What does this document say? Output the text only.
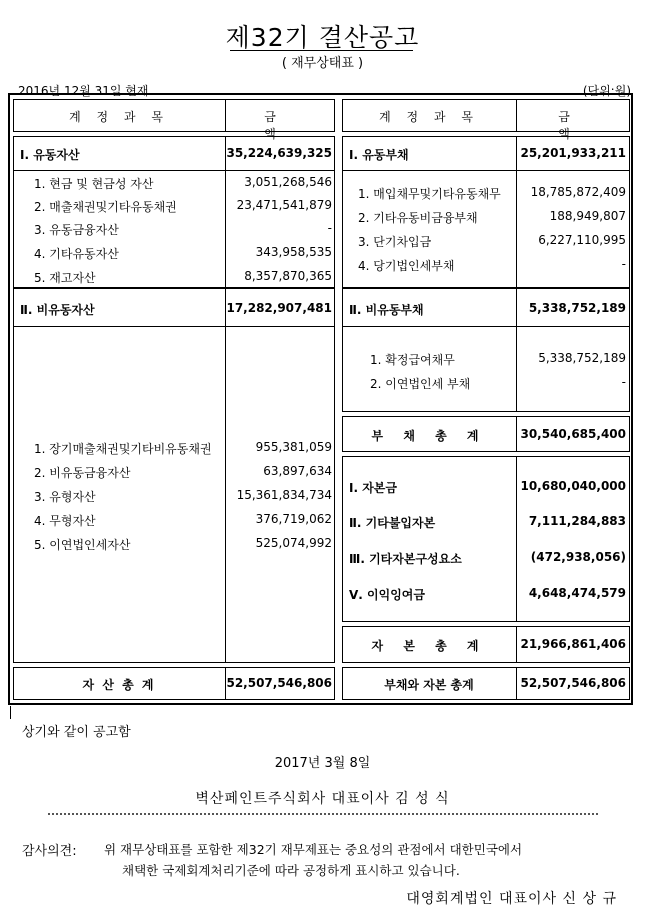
제32기 결산공고
( 재무상태표 )
2016년 12월 31일 현재	(단위:원)
계 정 과 목	금 액
Ⅰ. 유동자산	35,224,639,325
1. 현금 및 현금성 자산	3,051,268,546
2. 매출채권및기타유동채권	23,471,541,879
3. 유동금융자산	-
4. 기타유동자산	343,958,535
5. 재고자산	8,357,870,365
Ⅱ. 비유동자산	17,282,907,481
1. 장기매출채권및기타비유동채권	955,381,059
2. 비유동금융자산	63,897,634
3. 유형자산	15,361,834,734
4. 무형자산	376,719,062
5. 이연법인세자산	525,074,992
자 산 총 계	52,507,546,806
계 정 과 목	금 액
Ⅰ. 유동부채	25,201,933,211
1. 매입채무및기타유동채무	18,785,872,409
2. 기타유동비금융부채	188,949,807
3. 단기차입금	6,227,110,995
4. 당기법인세부채	-
Ⅱ. 비유동부채	5,338,752,189
1. 확정급여채무	5,338,752,189
2. 이연법인세 부채	-
부 채 총 계	30,540,685,400
Ⅰ. 자본금	10,680,040,000
Ⅱ. 기타불입자본	7,111,284,883
Ⅲ. 기타자본구성요소	(472,938,056)
Ⅴ. 이익잉여금	4,648,474,579
자 본 총 계	21,966,861,406
부채와 자본 총계	52,507,546,806
상기와 같이 공고함
2017년 3월 8일
벽산페인트주식회사 대표이사 김 성 식
감사의견: 위 재무상태표를 포함한 제32기 재무제표는 중요성의 관점에서 대한민국에서
채택한 국제회계처리기준에 따라 공정하게 표시하고 있습니다.
대영회계법인 대표이사 신 상 규
